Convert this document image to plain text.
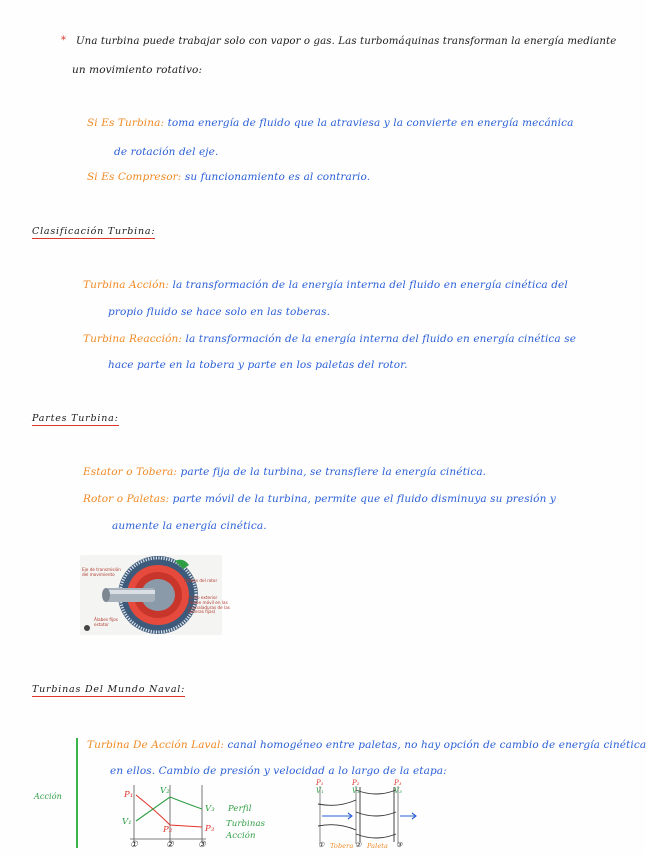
* Una turbina puede trabajar solo con vapor o gas. Las turbomáquinas transforman la energía mediante
un movimiento rotativo:
Si Es Turbina: toma energía de fluido que la atraviesa y la convierte en energía mecánica
de rotación del eje.
Si Es Compresor: su funcionamiento es al contrario.
Clasificación Turbina:
Turbina Acción: la transformación de la energía interna del fluido en energía cinética del
propio fluido se hace solo en las toberas.
Turbina Reacción: la transformación de la energía interna del fluido en energía cinética se
hace parte en la tobera y parte en los paletas del rotor.
Partes Turbina:
Estator o Tobera: parte fija de la turbina, se transfiere la energía cinética.
Rotor o Paletas: parte móvil de la turbina, permite que el fluido disminuya su presión y
aumente la energía cinética.
Eje de transmisión
del movimiento
Álabes del rotor
Anillo exterior
(álabe móvil en las
acanaladuras de las
toberas fijas)
Álabes fijos
estator
Turbinas Del Mundo Naval:
Acción
Turbina De Acción Laval: canal homogéneo entre paletas, no hay opción de cambio de energía cinética
en ellos. Cambio de presión y velocidad a lo largo de la etapa:
P₁
V₁
V₂
V₃
P₂	P₃
①	②	③
Perfil
Turbinas
Acción
P₁	P₂	P₃
V₁	V₂	V₃
① Tobera ② Paleta ③
